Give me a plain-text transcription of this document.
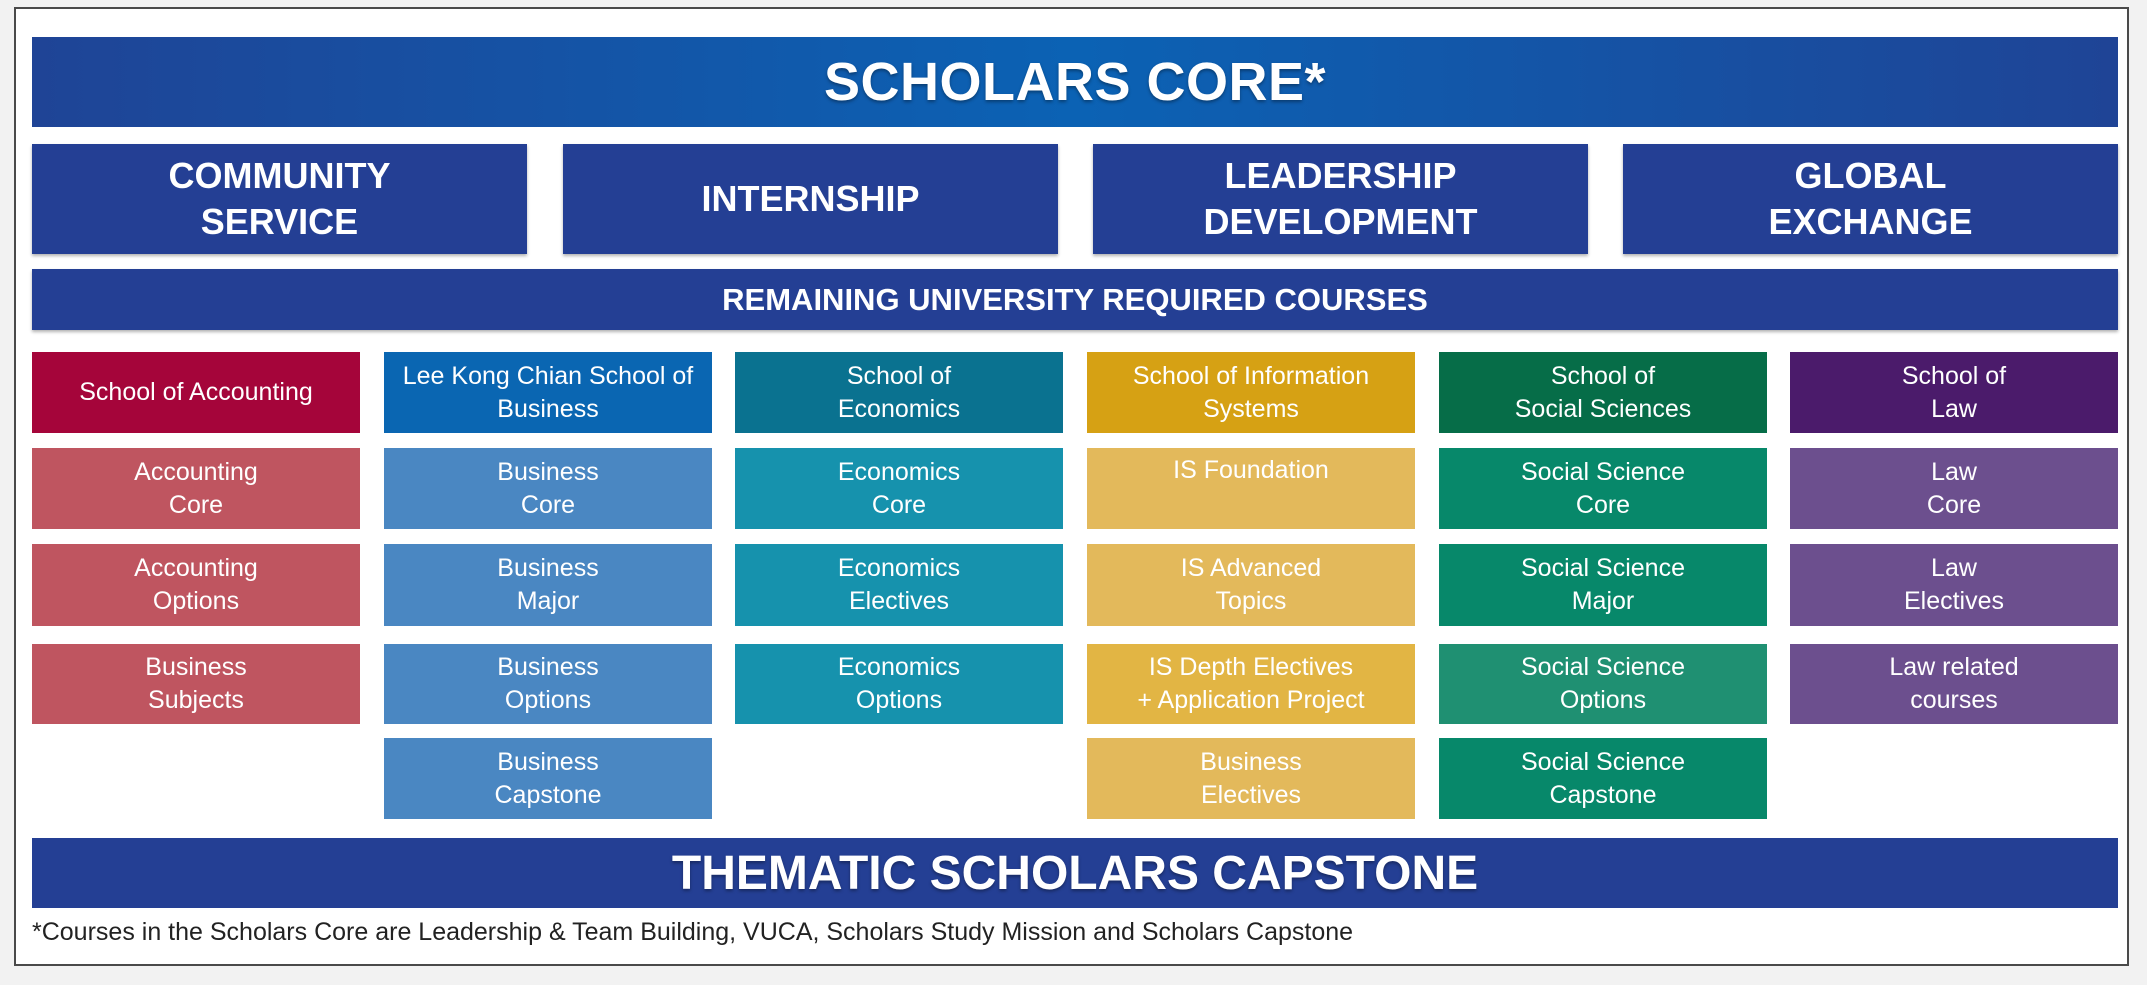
SCHOLARS CORE*
COMMUNITY
SERVICE
INTERNSHIP
LEADERSHIP
DEVELOPMENT
GLOBAL
EXCHANGE
REMAINING UNIVERSITY REQUIRED COURSES
School of Accounting
Accounting
Core
Accounting
Options
Business
Subjects
Lee Kong Chian School of
Business
Business
Core
Business
Major
Business
Options
Business
Capstone
School of
Economics
Economics
Core
Economics
Electives
Economics
Options
School of Information Systems
IS Foundation
IS Advanced
Topics
IS Depth Electives
+ Application Project
Business
Electives
School of
Social Sciences
Social Science
Core
Social Science
Major
Social Science
Options
Social Science
Capstone
School of
Law
Law
Core
Law
Electives
Law related
courses
THEMATIC SCHOLARS CAPSTONE
*Courses in the Scholars Core are Leadership & Team Building, VUCA, Scholars Study Mission and Scholars Capstone
